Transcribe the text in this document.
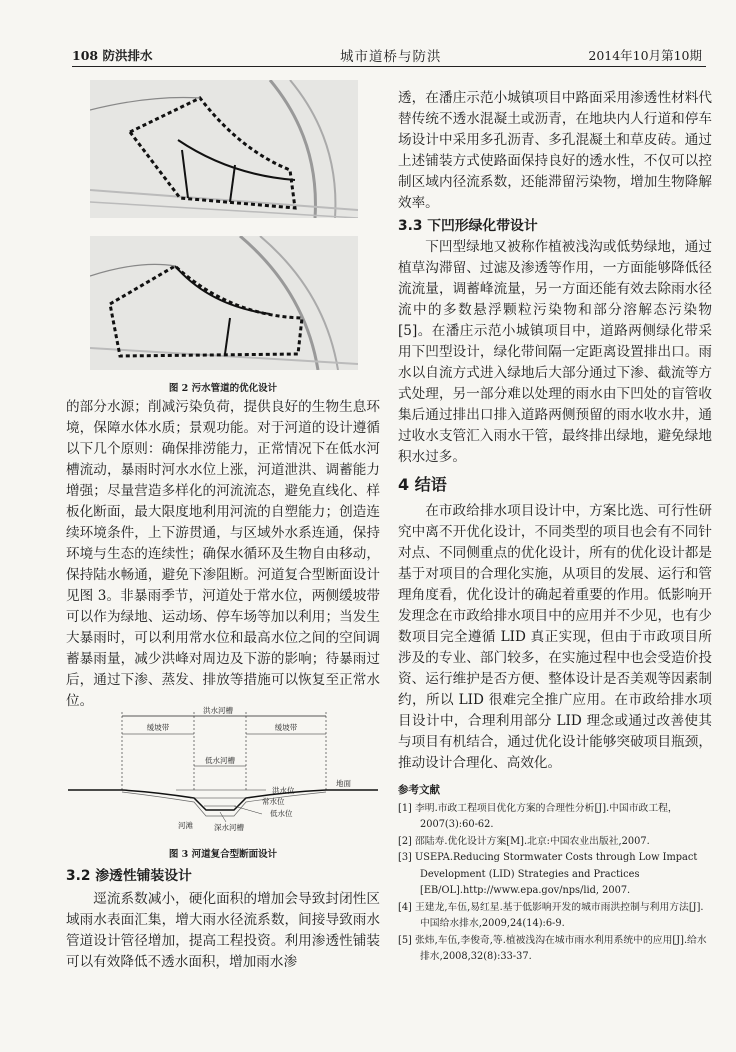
108 防洪排水	城市道桥与防洪	2014年10月第10期
图 2 污水管道的优化设计

的部分水源；削减污染负荷，提供良好的生物生息环境，保障水体水质；景观功能。对于河道的设计遵循以下几个原则：确保排涝能力，正常情况下在低水河槽流动，暴雨时河水水位上涨，河道泄洪、调蓄能力增强；尽量营造多样化的河流流态，避免直线化、样板化断面，最大限度地利用河流的自塑能力；创造连续环境条件，上下游贯通，与区域外水系连通，保持环境与生态的连续性；确保水循环及生物自由移动，保持陆水畅通，避免下渗阻断。河道复合型断面设计见图 3。非暴雨季节，河道处于常水位，两侧缓坡带可以作为绿地、运动场、停车场等加以利用；当发生大暴雨时，可以利用常水位和最高水位之间的空间调蓄暴雨量，减少洪峰对周边及下游的影响；待暴雨过后，通过下渗、蒸发、排放等措施可以恢复至正常水位。

洪水河槽
缓坡带	缓坡带
低水河槽
地面
洪水位
常水位
低水位
河滩	深水河槽
图 3 河道复合型断面设计
3.2 渗透性铺装设计

逕流系数减小，硬化面积的增加会导致封闭性区域雨水表面汇集，增大雨水径流系数，间接导致雨水管道设计管径增加，提高工程投资。利用渗透性铺装可以有效降低不透水面积，增加雨水渗

透，在潘庄示范小城镇项目中路面采用渗透性材料代替传统不透水混凝土或沥青，在地块内人行道和停车场设计中采用多孔沥青、多孔混凝土和草皮砖。通过上述铺装方式使路面保持良好的透水性，不仅可以控制区域内径流系数，还能滞留污染物，增加生物降解效率。

3.3 下凹形绿化带设计

下凹型绿地又被称作植被浅沟或低势绿地，通过植草沟滞留、过滤及渗透等作用，一方面能够降低径流流量，调蓄峰流量，另一方面还能有效去除雨水径流中的多数悬浮颗粒污染物和部分溶解态污染物[5]。在潘庄示范小城镇项目中，道路两侧绿化带采用下凹型设计，绿化带间隔一定距离设置排出口。雨水以自流方式进入绿地后大部分通过下渗、截流等方式处理，另一部分难以处理的雨水由下凹处的盲管收集后通过排出口排入道路两侧预留的雨水收水井，通过收水支管汇入雨水干管，最终排出绿地，避免绿地积水过多。

4 结语

在市政给排水项目设计中，方案比选、可行性研究中离不开优化设计，不同类型的项目也会有不同针对点、不同侧重点的优化设计，所有的优化设计都是基于对项目的合理化实施，从项目的发展、运行和管理角度看，优化设计的确起着重要的作用。低影响开发理念在市政给排水项目中的应用并不少见，也有少数项目完全遵循 LID 真正实现，但由于市政项目所涉及的专业、部门较多，在实施过程中也会受造价投资、运行维护是否方便、整体设计是否美观等因素制约，所以 LID 很难完全推广应用。在市政给排水项目设计中，合理利用部分 LID 理念或通过改善使其与项目有机结合，通过优化设计能够突破项目瓶颈，推动设计合理化、高效化。

参考文献
[1] 李明.市政工程项目优化方案的合理性分析[J].中国市政工程，2007(3):60-62.
[2] 邵陆寿.优化设计方案[M].北京:中国农业出版社,2007.
[3] USEPA.Reducing Stormwater Costs through Low Impact Development (LID) Strategies and Practices [EB/OL].http://www.epa.gov/nps/lid, 2007.
[4] 王建龙,车伍,易红星.基于低影响开发的城市雨洪控制与利用方法[J].中国给水排水,2009,24(14):6-9.
[5] 张炜,车伍,李俊奇,等.植被浅沟在城市雨水利用系统中的应用[J].给水排水,2008,32(8):33-37.
